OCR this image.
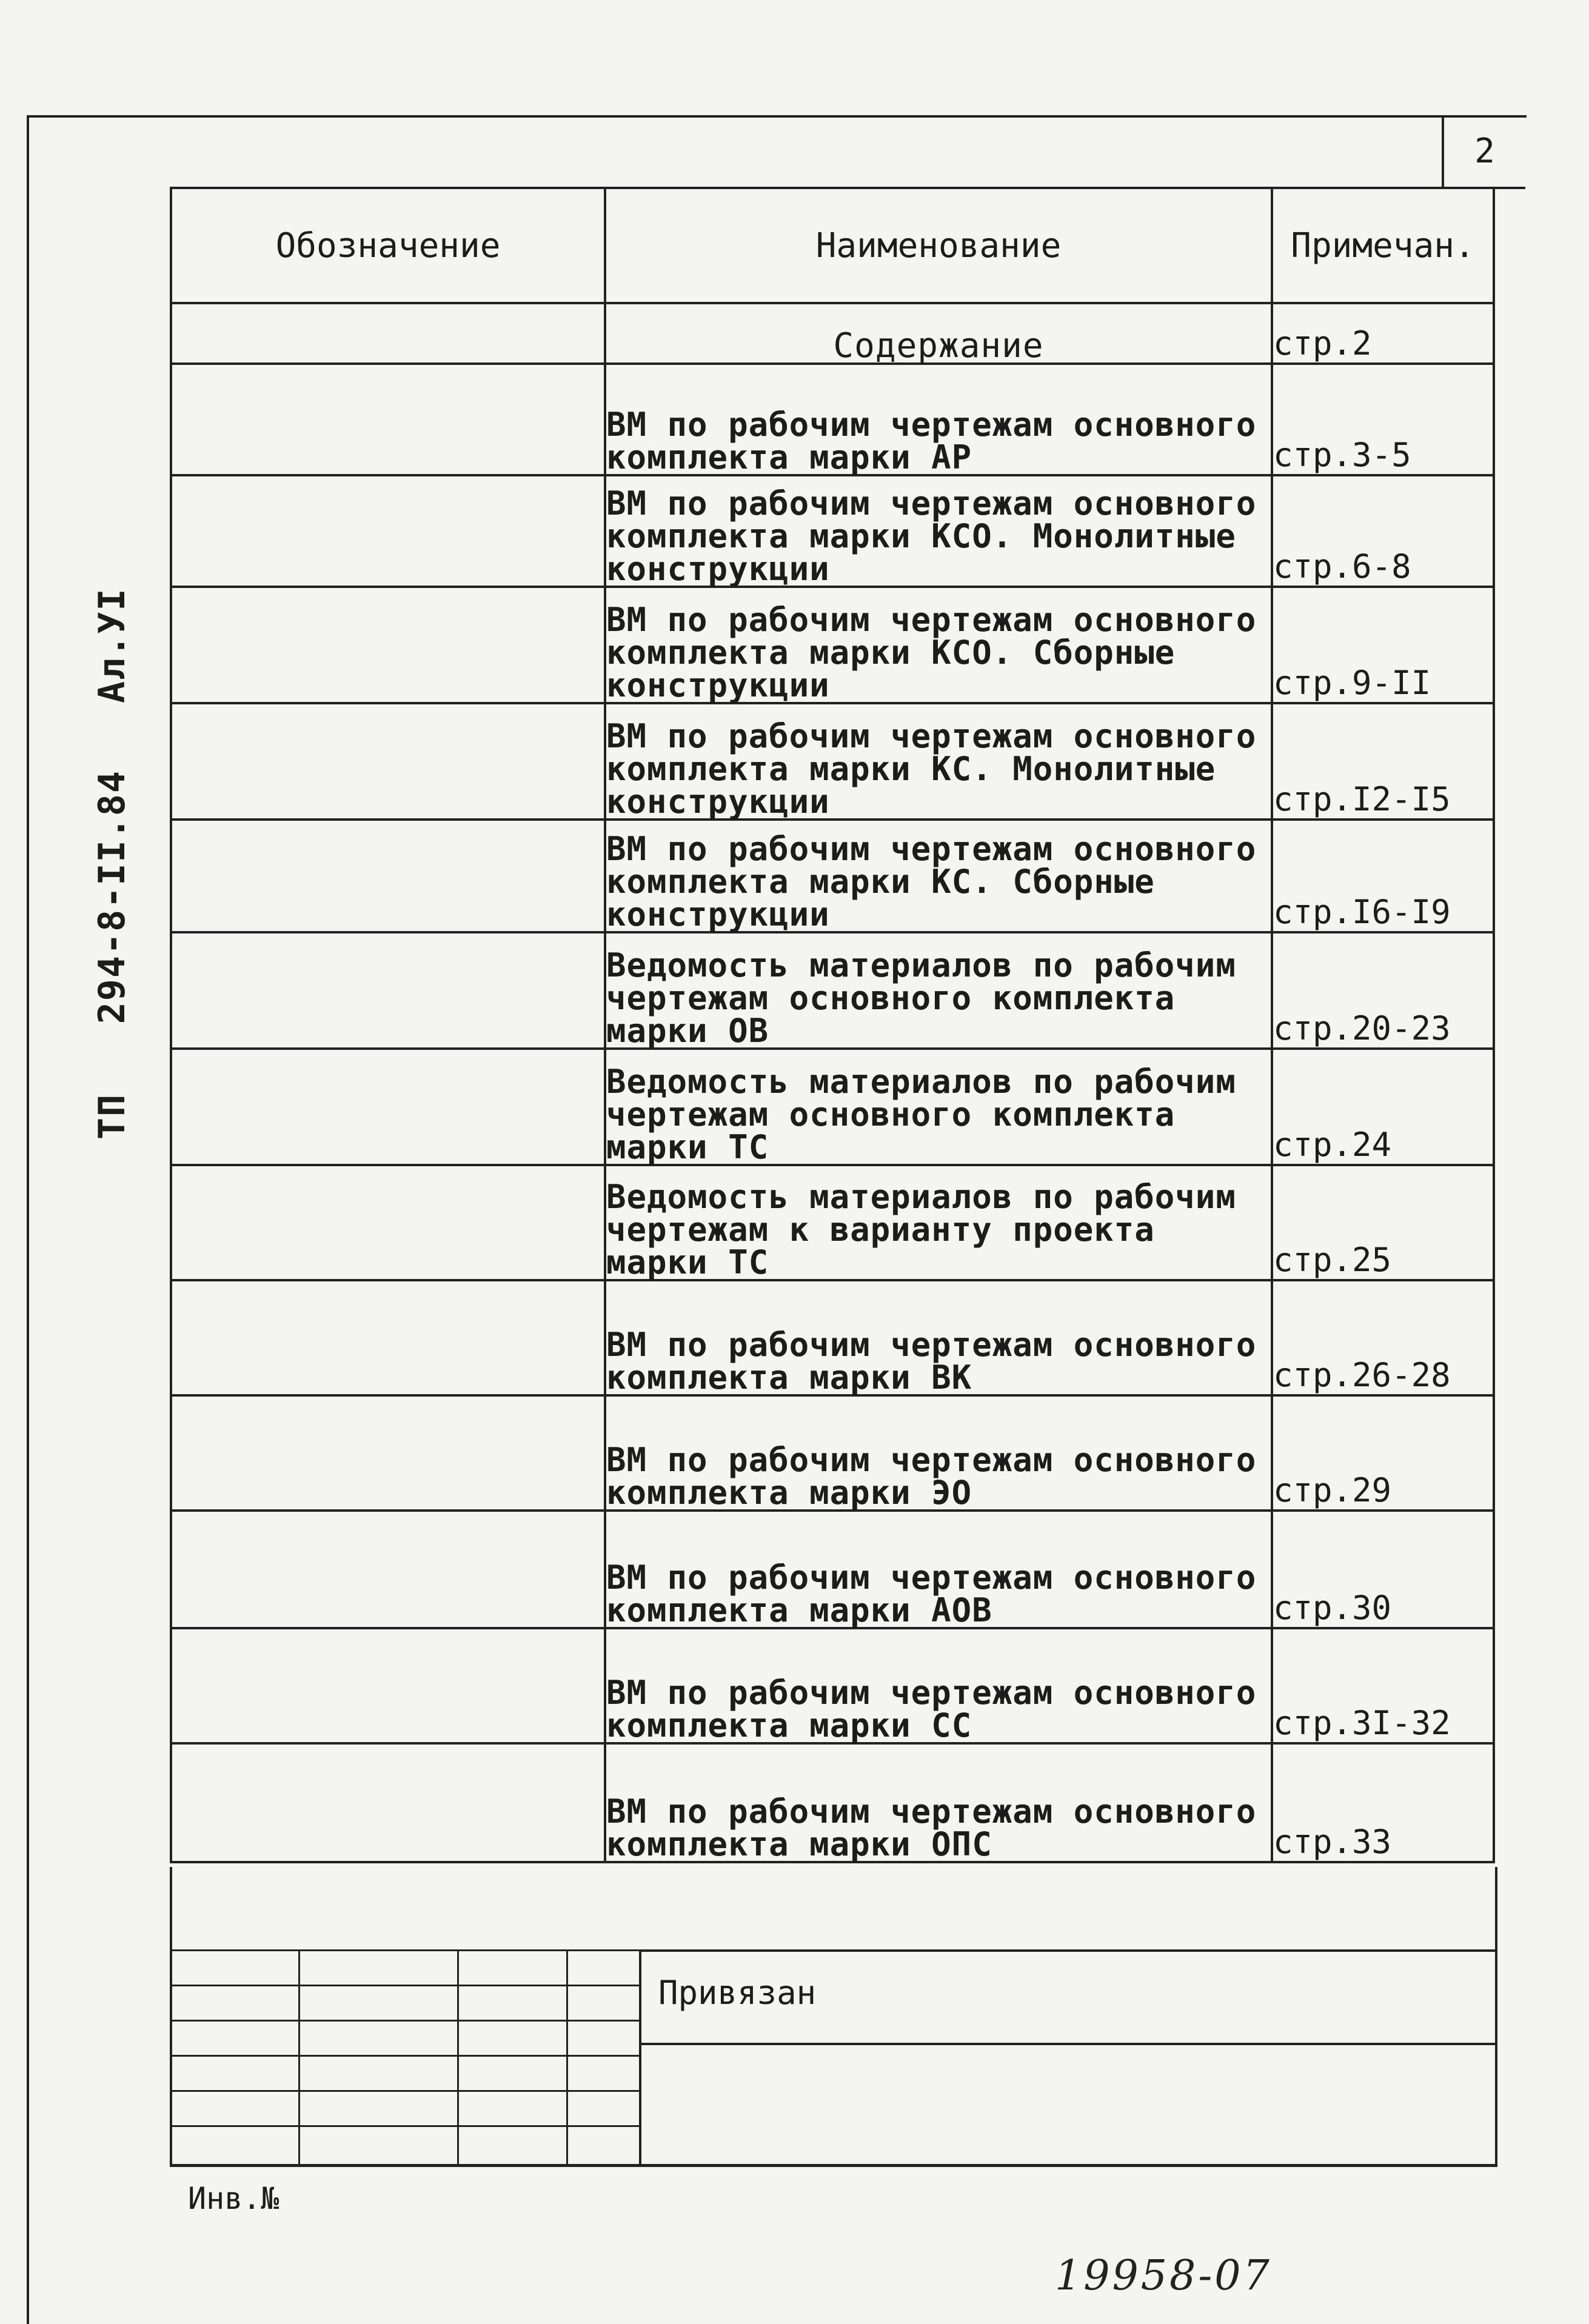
2
ТП   294-8-II.84Ал.УI
Обозначение	Наименование	Примечан.
	Содержание	стр.2
	ВМ по рабочим чертежам основного
комплекта марки АР	стр.3-5
	ВМ по рабочим чертежам основного
комплекта марки КСО. Монолитные
конструкции	стр.6-8
	ВМ по рабочим чертежам основного
комплекта марки КСО. Сборные
конструкции	стр.9-II
	ВМ по рабочим чертежам основного
комплекта марки КС. Монолитные
конструкции	стр.I2-I5
	ВМ по рабочим чертежам основного
комплекта марки КС. Сборные
конструкции	стр.I6-I9
	Ведомость материалов по рабочим
чертежам основного комплекта
марки ОВ	стр.20-23
	Ведомость материалов по рабочим
чертежам основного комплекта
марки ТС	стр.24
	Ведомость материалов по рабочим
чертежам к варианту проекта
марки ТС	стр.25
	ВМ по рабочим чертежам основного
комплекта марки ВК	стр.26-28
	ВМ по рабочим чертежам основного
комплекта марки ЭО	стр.29
	ВМ по рабочим чертежам основного
комплекта марки АОВ	стр.30
	ВМ по рабочим чертежам основного
комплекта марки СС	стр.3I-32
	ВМ по рабочим чертежам основного
комплекта марки ОПС	стр.33
Инв.№
Привязан
19958-07
